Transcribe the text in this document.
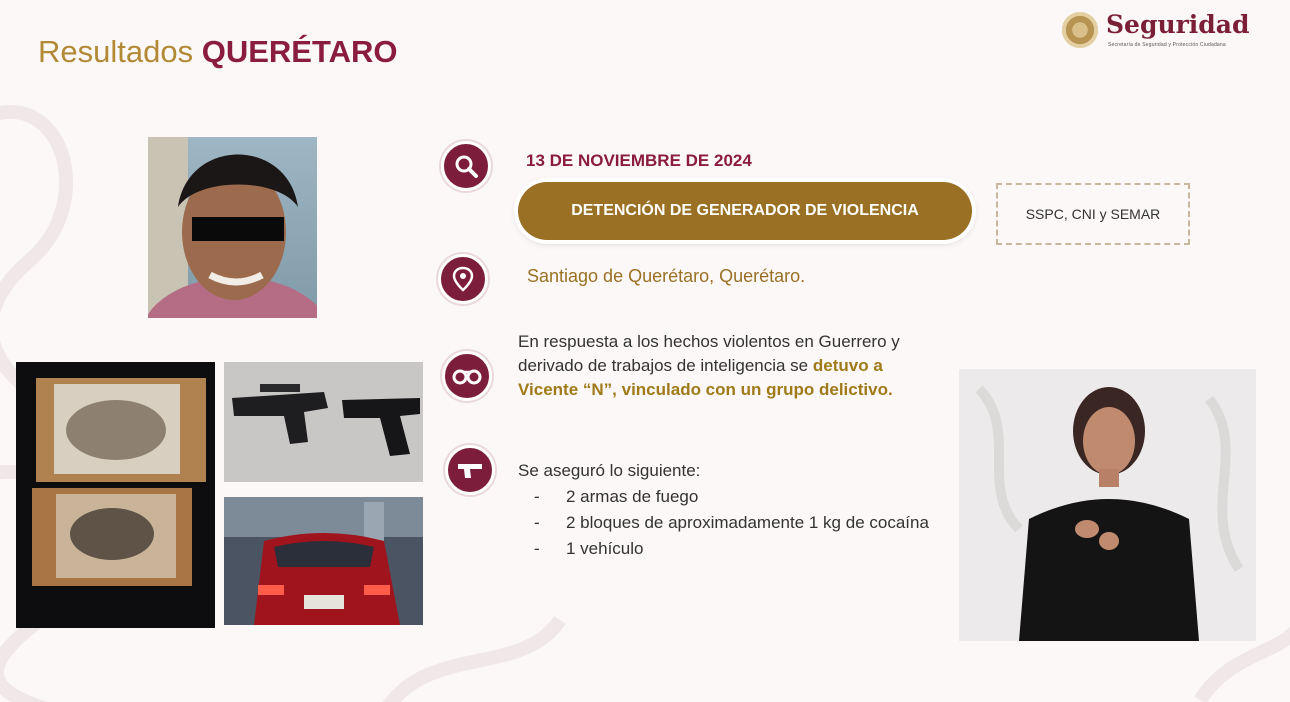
Resultados QUERÉTARO
Seguridad
Secretaría de Seguridad y Protección Ciudadana
13 DE NOVIEMBRE DE 2024
DETENCIÓN DE GENERADOR DE VIOLENCIA	SSPC, CNI y SEMAR
Santiago de Querétaro, Querétaro.
En respuesta a los hechos violentos en Guerrero y derivado de trabajos de inteligencia se detuvo a Vicente “N”, vinculado con un grupo delictivo.
Se aseguró lo siguiente:
- 2 armas de fuego
- 2 bloques de aproximadamente 1 kg de cocaína
- 1 vehículo
